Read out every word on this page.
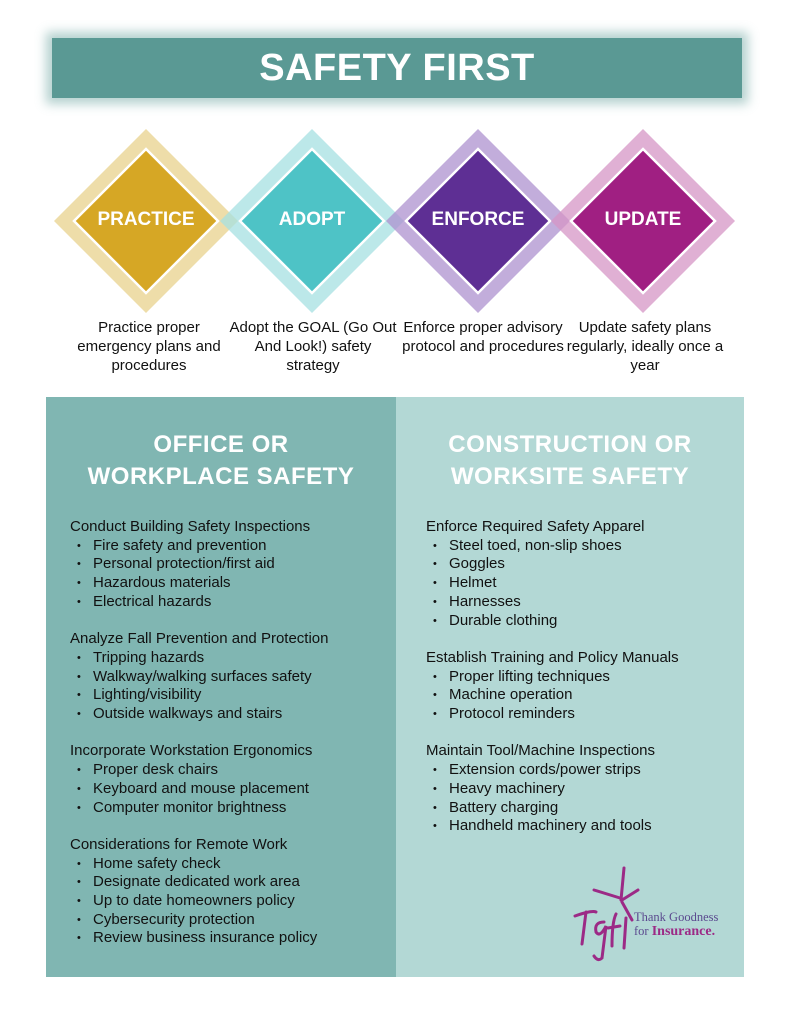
SAFETY FIRST
PRACTICE	ADOPT	ENFORCE	UPDATE
Practice proper emergency plans and procedures
Adopt the GOAL (Go Out And Look!) safety strategy
Enforce proper advisory protocol and procedures
Update safety plans regularly, ideally once a year
OFFICE OR
WORKPLACE SAFETY
Conduct Building Safety Inspections
• Fire safety and prevention
• Personal protection/first aid
• Hazardous materials
• Electrical hazards
Analyze Fall Prevention and Protection
• Tripping hazards
• Walkway/walking surfaces safety
• Lighting/visibility
• Outside walkways and stairs
Incorporate Workstation Ergonomics
• Proper desk chairs
• Keyboard and mouse placement
• Computer monitor brightness
Considerations for Remote Work
• Home safety check
• Designate dedicated work area
• Up to date homeowners policy
• Cybersecurity protection
• Review business insurance policy
CONSTRUCTION OR
WORKSITE SAFETY
Enforce Required Safety Apparel
• Steel toed, non-slip shoes
• Goggles
• Helmet
• Harnesses
• Durable clothing
Establish Training and Policy Manuals
• Proper lifting techniques
• Machine operation
• Protocol reminders
Maintain Tool/Machine Inspections
• Extension cords/power strips
• Heavy machinery
• Battery charging
• Handheld machinery and tools
Thank Goodness
for Insurance.
